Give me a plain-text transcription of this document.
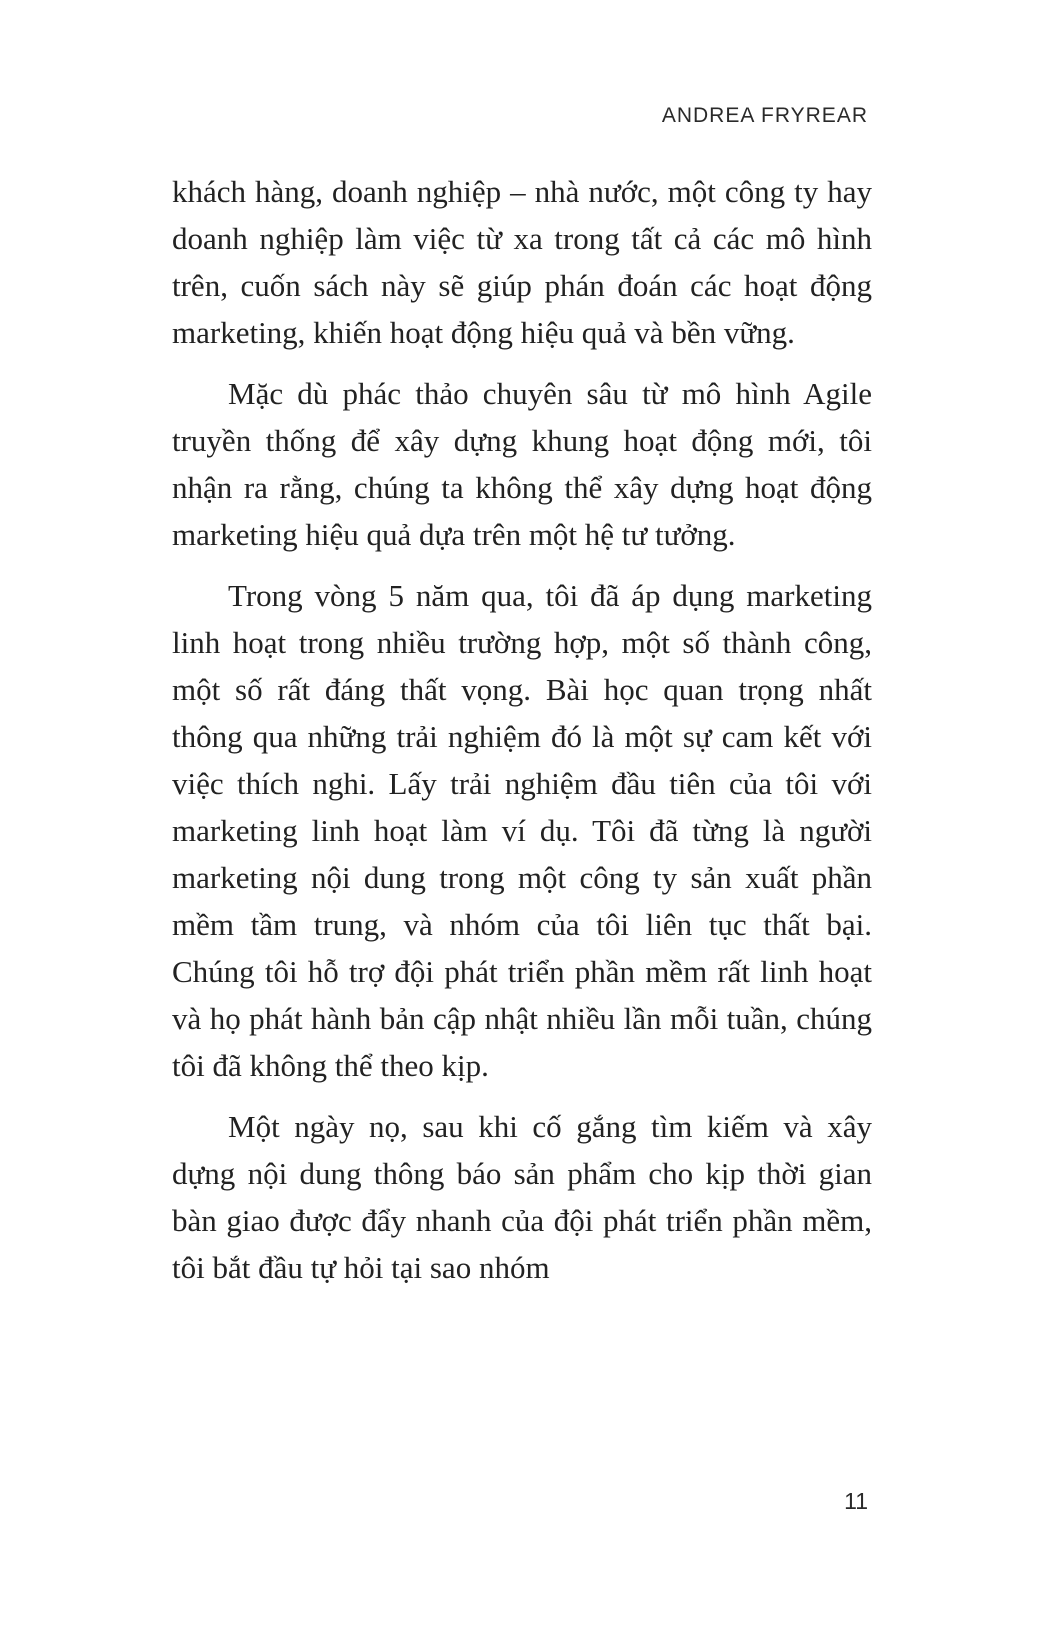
ANDREA FRYREAR

khách hàng, doanh nghiệp – nhà nước, một công ty hay doanh nghiệp làm việc từ xa trong tất cả các mô hình trên, cuốn sách này sẽ giúp phán đoán các hoạt động marketing, khiến hoạt động hiệu quả và bền vững.

Mặc dù phác thảo chuyên sâu từ mô hình Agile truyền thống để xây dựng khung hoạt động mới, tôi nhận ra rằng, chúng ta không thể xây dựng hoạt động marketing hiệu quả dựa trên một hệ tư tưởng.

Trong vòng 5 năm qua, tôi đã áp dụng marketing linh hoạt trong nhiều trường hợp, một số thành công, một số rất đáng thất vọng. Bài học quan trọng nhất thông qua những trải nghiệm đó là một sự cam kết với việc thích nghi. Lấy trải nghiệm đầu tiên của tôi với marketing linh hoạt làm ví dụ. Tôi đã từng là người marketing nội dung trong một công ty sản xuất phần mềm tầm trung, và nhóm của tôi liên tục thất bại. Chúng tôi hỗ trợ đội phát triển phần mềm rất linh hoạt và họ phát hành bản cập nhật nhiều lần mỗi tuần, chúng tôi đã không thể theo kịp.

Một ngày nọ, sau khi cố gắng tìm kiếm và xây dựng nội dung thông báo sản phẩm cho kịp thời gian bàn giao được đẩy nhanh của đội phát triển phần mềm, tôi bắt đầu tự hỏi tại sao nhóm

11
